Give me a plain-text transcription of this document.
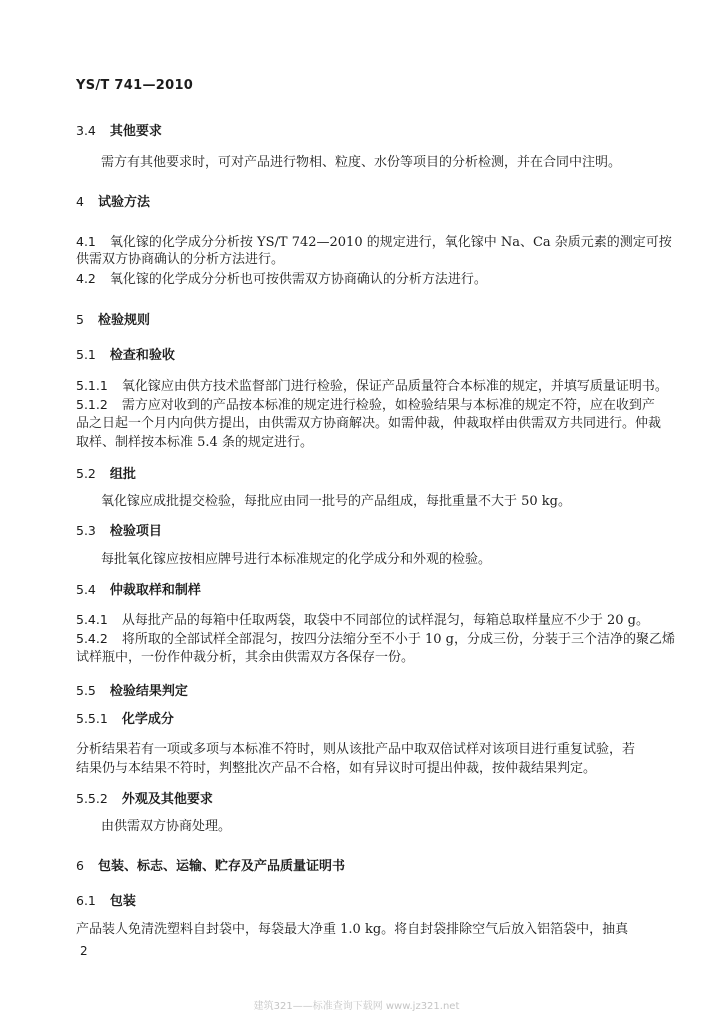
YS/T 741—2010
3.4 其他要求
需方有其他要求时，可对产品进行物相、粒度、水份等项目的分析检测，并在合同中注明。
4 试验方法
4.1 氧化镓的化学成分分析按 YS/T 742—2010 的规定进行，氧化镓中 Na、Ca 杂质元素的测定可按
供需双方协商确认的分析方法进行。
4.2 氧化镓的化学成分分析也可按供需双方协商确认的分析方法进行。
5 检验规则
5.1 检查和验收
5.1.1 氧化镓应由供方技术监督部门进行检验，保证产品质量符合本标准的规定，并填写质量证明书。
5.1.2 需方应对收到的产品按本标准的规定进行检验，如检验结果与本标准的规定不符，应在收到产
品之日起一个月内向供方提出，由供需双方协商解决。如需仲裁，仲裁取样由供需双方共同进行。仲裁
取样、制样按本标准 5.4 条的规定进行。
5.2 组批
氧化镓应成批提交检验，每批应由同一批号的产品组成，每批重量不大于 50 kg。
5.3 检验项目
每批氧化镓应按相应牌号进行本标准规定的化学成分和外观的检验。
5.4 仲裁取样和制样
5.4.1 从每批产品的每箱中任取两袋，取袋中不同部位的试样混匀，每箱总取样量应不少于 20 g。
5.4.2 将所取的全部试样全部混匀，按四分法缩分至不小于 10 g，分成三份，分装于三个洁净的聚乙烯
试样瓶中，一份作仲裁分析，其余由供需双方各保存一份。
5.5 检验结果判定
5.5.1 化学成分
分析结果若有一项或多项与本标准不符时，则从该批产品中取双倍试样对该项目进行重复试验，若
结果仍与本结果不符时，判整批次产品不合格，如有异议时可提出仲裁，按仲裁结果判定。
5.5.2 外观及其他要求
由供需双方协商处理。
6 包装、标志、运输、贮存及产品质量证明书
6.1 包装
产品装人免清洗塑料自封袋中，每袋最大净重 1.0 kg。将自封袋排除空气后放入铝箔袋中，抽真
2
建筑321——标准查询下载网 www.jz321.net
